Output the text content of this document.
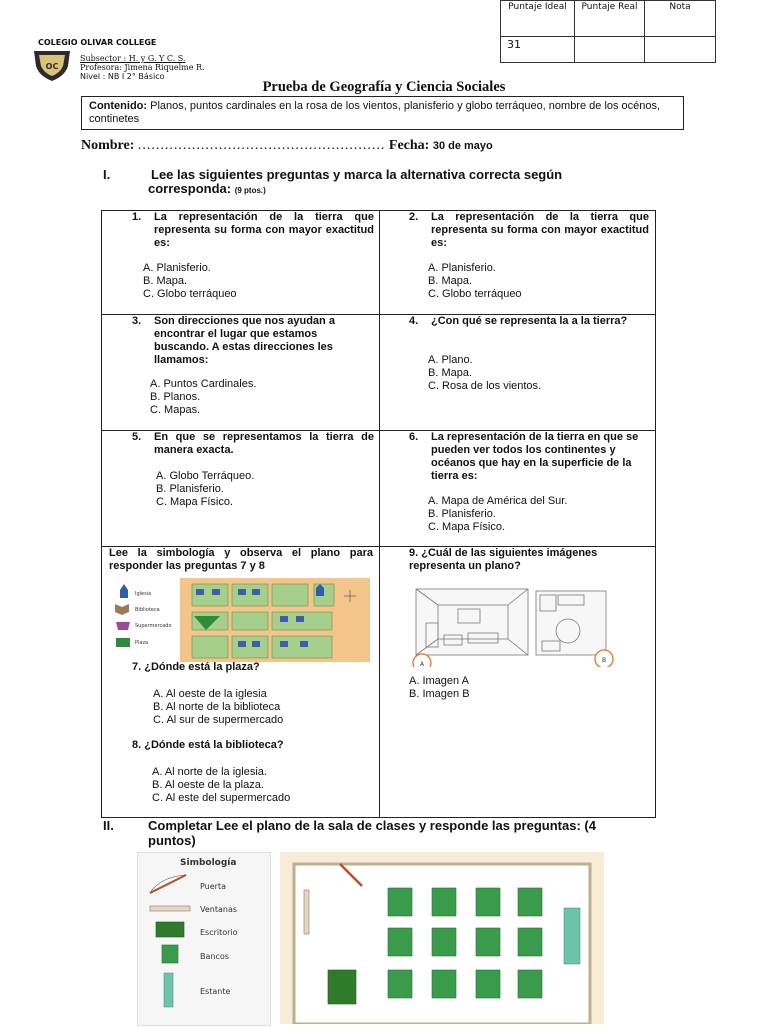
Puntaje Ideal	Puntaje Real	Nota
31		
COLEGIO OLIVAR COLLEGE
OC
Subsector : H. y G. Y C. S.
Profesora: Jimena Riquelme R.
Nivel : NB I 2° Básico
Prueba de Geografía y Ciencia Sociales
Contenido: Planos, puntos cardinales en la rosa de los vientos, planisferio y globo terráqueo, nombre de los océnos, continetes
Nombre: ....................................................... Fecha: 30 de mayo
I.	Lee las siguientes preguntas y marca la alternativa correcta según
corresponda: (9 ptos.)
1. La representación de la tierra que representa su forma con mayor exactitud es:
A. Planisferio.
B. Mapa.
C. Globo terráqueo
2. La representación de la tierra que representa su forma con mayor exactitud es:
A. Planisferio.
B. Mapa.
C. Globo terráqueo
3. Son direcciones que nos ayudan a encontrar el lugar que estamos buscando. A estas direcciones les llamamos:
A. Puntos Cardinales.
B. Planos.
C. Mapas.
4. ¿Con qué se representa la a la tierra?
A. Plano.
B. Mapa.
C. Rosa de los vientos.
5. En que se representamos la tierra de manera exacta.
A. Globo Terráqueo.
B. Planisferio.
C. Mapa Físico.
6. La representación de la tierra en que se pueden ver todos los continentes y océanos que hay en la superficie de la tierra es:
A. Mapa de América del Sur.
B. Planisferio.
C. Mapa Físico.
Lee la simbología y observa el plano para responder las preguntas 7 y 8
Iglesia
Biblioteca
Supermercado
Plaza
7. ¿Dónde está la plaza?
A. Al oeste de la iglesia
B. Al norte de la biblioteca
C. Al sur de supermercado
8. ¿Dónde está la biblioteca?
A. Al norte de la iglesia.
B. Al oeste de la plaza.
C. Al este del supermercado
9. ¿Cuál de las siguientes imágenes representa un plano?
A
B
A. Imagen A
B. Imagen B
II.	Completar Lee el plano de la sala de clases y responde las preguntas: (4
puntos)
Simbología
Puerta
Ventanas
Escritorio
Bancos
Estante
